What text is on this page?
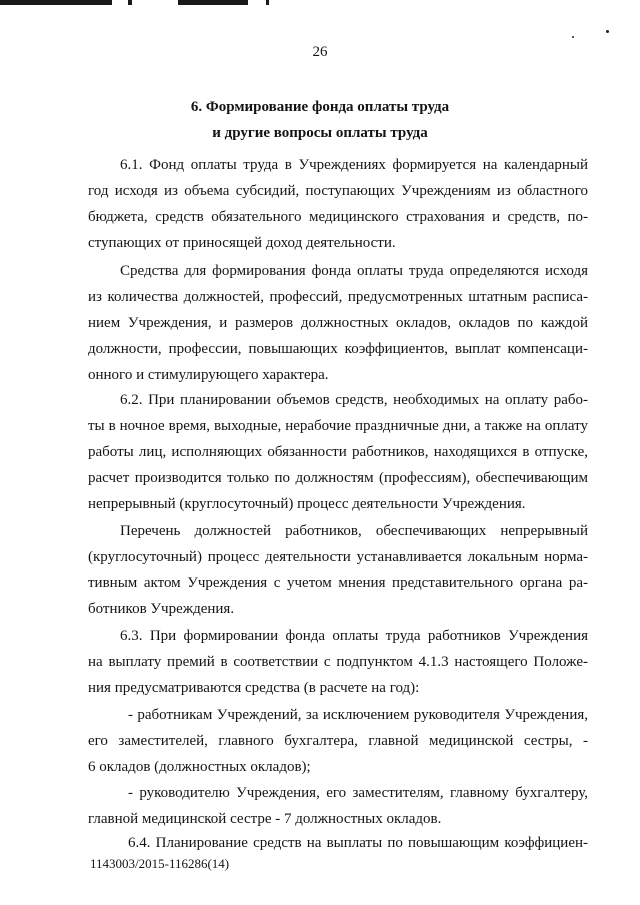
26
6. Формирование фонда оплаты труда
и другие вопросы оплаты труда
6.1. Фонд оплаты труда в Учреждениях формируется на календарный
год исходя из объема субсидий, поступающих Учреждениям из областного
бюджета, средств обязательного медицинского страхования и средств, по-
ступающих от приносящей доход деятельности.
Средства для формирования фонда оплаты труда определяются исходя
из количества должностей, профессий, предусмотренных штатным расписа-
нием Учреждения, и размеров должностных окладов, окладов по каждой
должности, профессии, повышающих коэффициентов, выплат компенсаци-
онного и стимулирующего характера.
6.2. При планировании объемов средств, необходимых на оплату рабо-
ты в ночное время, выходные, нерабочие праздничные дни, а также на оплату
работы лиц, исполняющих обязанности работников, находящихся в отпуске,
расчет производится только по должностям (профессиям), обеспечивающим
непрерывный (круглосуточный) процесс деятельности Учреждения.
Перечень должностей работников, обеспечивающих непрерывный
(круглосуточный) процесс деятельности устанавливается локальным норма-
тивным актом Учреждения с учетом мнения представительного органа ра-
ботников Учреждения.
6.3. При формировании фонда оплаты труда работников Учреждения
на выплату премий в соответствии с подпунктом 4.1.3 настоящего Положе-
ния предусматриваются средства (в расчете на год):
- работникам Учреждений, за исключением руководителя Учреждения,
его заместителей, главного бухгалтера, главной медицинской сестры, -
6 окладов (должностных окладов);
- руководителю Учреждения, его заместителям, главному бухгалтеру,
главной медицинской сестре - 7 должностных окладов.
6.4. Планирование средств на выплаты по повышающим коэффициен-
1143003/2015-116286(14)
